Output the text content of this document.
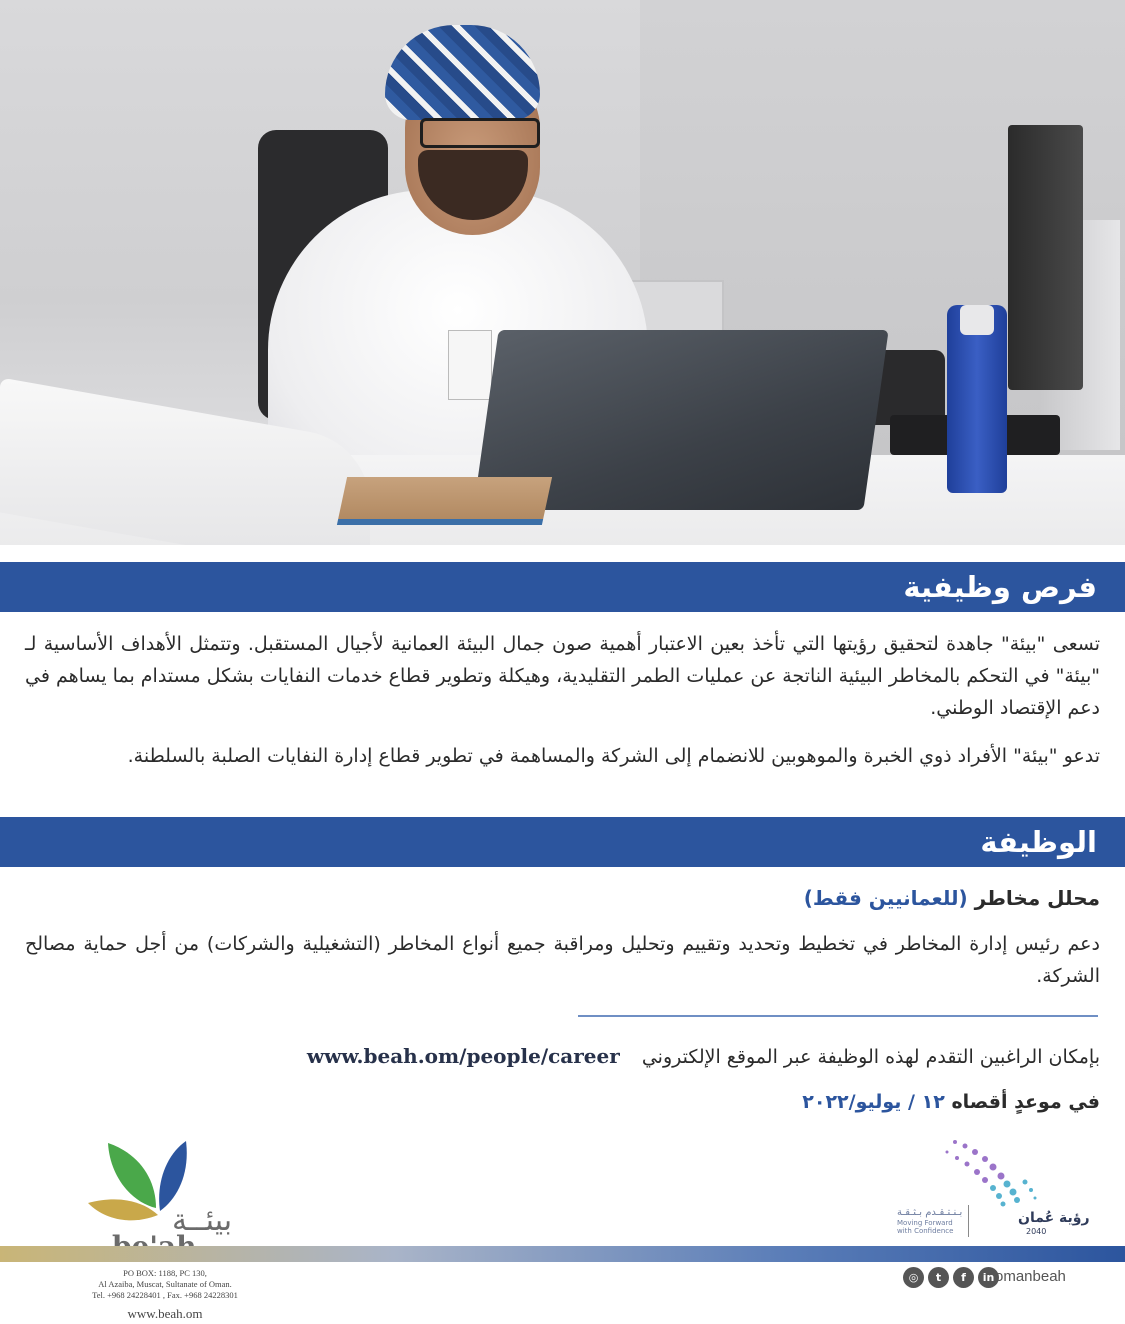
فرص وظيفية

تسعى "بيئة" جاهدة لتحقيق رؤيتها التي تأخذ بعين الاعتبار أهمية صون جمال البيئة العمانية لأجيال المستقبل. وتتمثل الأهداف الأساسية لـ "بيئة" في التحكم بالمخاطر البيئية الناتجة عن عمليات الطمر التقليدية، وهيكلة وتطوير قطاع خدمات النفايات بشكل مستدام بما يساهم في دعم الإقتصاد الوطني.

تدعو "بيئة" الأفراد ذوي الخبرة والموهوبين للانضمام إلى الشركة والمساهمة في تطوير قطاع إدارة النفايات الصلبة بالسلطنة.

الوظيفة

محلل مخاطر (للعمانيين فقط)

دعم رئيس إدارة المخاطر في تخطيط وتحديد وتقييم وتحليل ومراقبة جميع أنواع المخاطر (التشغيلية والشركات) من أجل حماية مصالح الشركة.

بإمكان الراغبين التقدم لهذه الوظيفة عبر الموقع الإلكتروني www.beah.om/people/career

في موعدٍ أقصاه ١٢ / يوليو/٢٠٢٢

بيئــة

PO BOX: 1188, PC 130,
Al Azaiba, Muscat, Sultanate of Oman.
Tel. +968 24228401 , Fax. +968 24228301

www.beah.om

رؤية عُمان

2040

بـنـتـقـدم بـثـقـة

Moving Forward with Confidence

◎	t	f	in omanbeah
